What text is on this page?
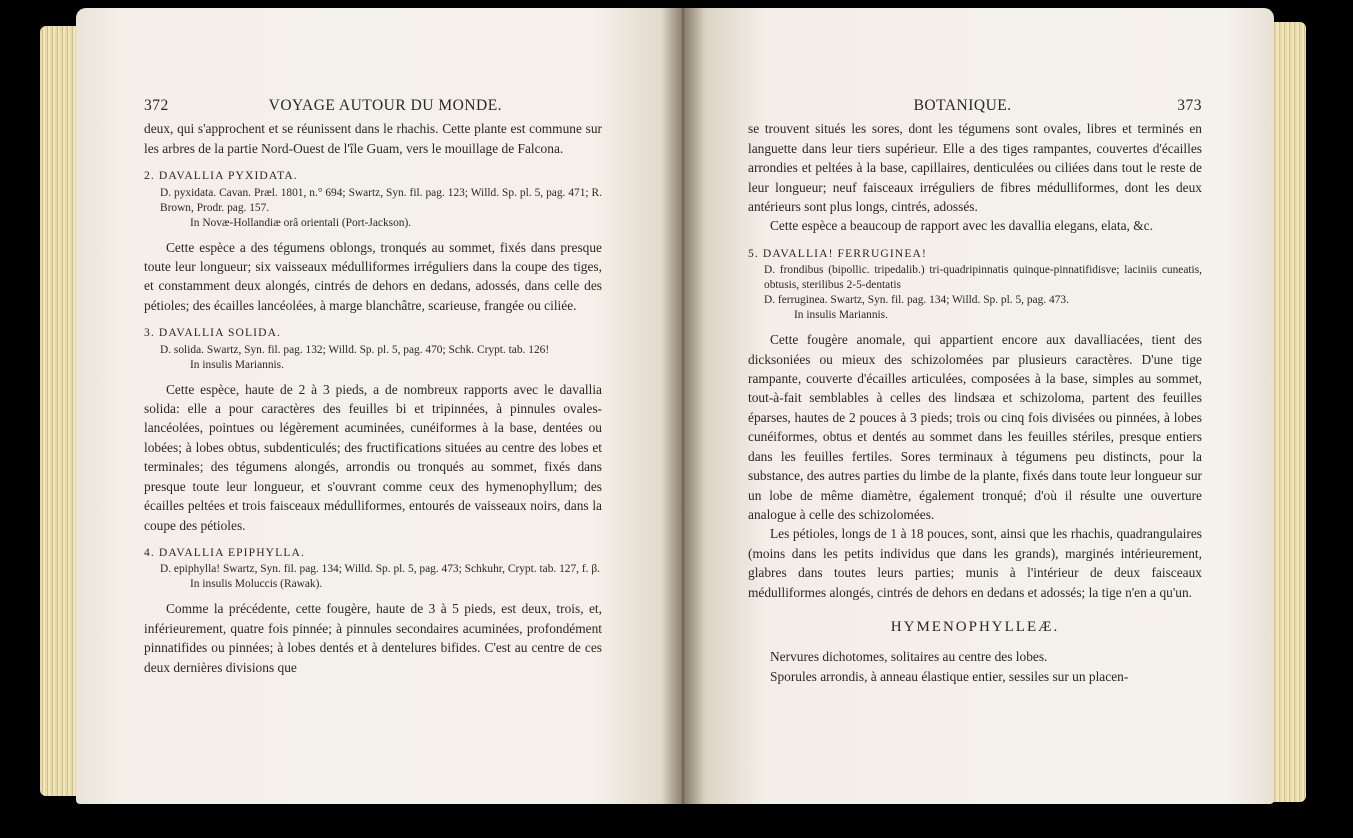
372	VOYAGE AUTOUR DU MONDE.

deux, qui s'approchent et se réunissent dans le rhachis. Cette plante est commune sur les arbres de la partie Nord-Ouest de l'île Guam, vers le mouillage de Falcona.

2. DAVALLIA PYXIDATA.

D. pyxidata. Cavan. Præl. 1801, n.° 694; Swartz, Syn. fil. pag. 123; Willd. Sp. pl. 5, pag. 471; R. Brown, Prodr. pag. 157.

In Novæ-Hollandiæ orâ orientali (Port-Jackson).

Cette espèce a des tégumens oblongs, tronqués au sommet, fixés dans presque toute leur longueur; six vaisseaux médulliformes irréguliers dans la coupe des tiges, et constamment deux alongés, cintrés de dehors en dedans, adossés, dans celle des pétioles; des écailles lancéolées, à marge blanchâtre, scarieuse, frangée ou ciliée.

3. DAVALLIA SOLIDA.

D. solida. Swartz, Syn. fil. pag. 132; Willd. Sp. pl. 5, pag. 470; Schk. Crypt. tab. 126!

In insulis Mariannis.

Cette espèce, haute de 2 à 3 pieds, a de nombreux rapports avec le davallia solida: elle a pour caractères des feuilles bi et tripinnées, à pinnules ovales-lancéolées, pointues ou légèrement acuminées, cunéiformes à la base, dentées ou lobées; à lobes obtus, subdenticulés; des fructifications situées au centre des lobes et terminales; des tégumens alongés, arrondis ou tronqués au sommet, fixés dans presque toute leur longueur, et s'ouvrant comme ceux des hymenophyllum; des écailles peltées et trois faisceaux médulliformes, entourés de vaisseaux noirs, dans la coupe des pétioles.

4. DAVALLIA EPIPHYLLA.

D. epiphylla! Swartz, Syn. fil. pag. 134; Willd. Sp. pl. 5, pag. 473; Schkuhr, Crypt. tab. 127, f. β.

In insulis Moluccis (Rawak).

Comme la précédente, cette fougère, haute de 3 à 5 pieds, est deux, trois, et, inférieurement, quatre fois pinnée; à pinnules secondaires acuminées, profondément pinnatifides ou pinnées; à lobes dentés et à dentelures bifides. C'est au centre de ces deux dernières divisions que

BOTANIQUE.	373

se trouvent situés les sores, dont les tégumens sont ovales, libres et terminés en languette dans leur tiers supérieur. Elle a des tiges rampantes, couvertes d'écailles arrondies et peltées à la base, capillaires, denticulées ou ciliées dans tout le reste de leur longueur; neuf faisceaux irréguliers de fibres médulliformes, dont les deux antérieurs sont plus longs, cintrés, adossés.

Cette espèce a beaucoup de rapport avec les davallia elegans, elata, &c.

5. DAVALLIA! FERRUGINEA!

D. frondibus (bipollic. tripedalib.) tri-quadripinnatis quinque-pinnatifidisve; laciniis cuneatis, obtusis, sterilibus 2-5-dentatis

D. ferruginea. Swartz, Syn. fil. pag. 134; Willd. Sp. pl. 5, pag. 473.

In insulis Mariannis.

Cette fougère anomale, qui appartient encore aux davalliacées, tient des dicksoniées ou mieux des schizolomées par plusieurs caractères. D'une tige rampante, couverte d'écailles articulées, composées à la base, simples au sommet, tout-à-fait semblables à celles des lindsæa et schizoloma, partent des feuilles éparses, hautes de 2 pouces à 3 pieds; trois ou cinq fois divisées ou pinnées, à lobes cunéiformes, obtus et dentés au sommet dans les feuilles stériles, presque entiers dans les feuilles fertiles. Sores terminaux à tégumens peu distincts, pour la substance, des autres parties du limbe de la plante, fixés dans toute leur longueur sur un lobe de même diamètre, également tronqué; d'où il résulte une ouverture analogue à celle des schizolomées.

Les pétioles, longs de 1 à 18 pouces, sont, ainsi que les rhachis, quadrangulaires (moins dans les petits individus que dans les grands), marginés intérieurement, glabres dans toutes leurs parties; munis à l'intérieur de deux faisceaux médulliformes alongés, cintrés de dehors en dedans et adossés; la tige n'en a qu'un.

HYMENOPHYLLEÆ.

Nervures dichotomes, solitaires au centre des lobes.

Sporules arrondis, à anneau élastique entier, sessiles sur un placen-
